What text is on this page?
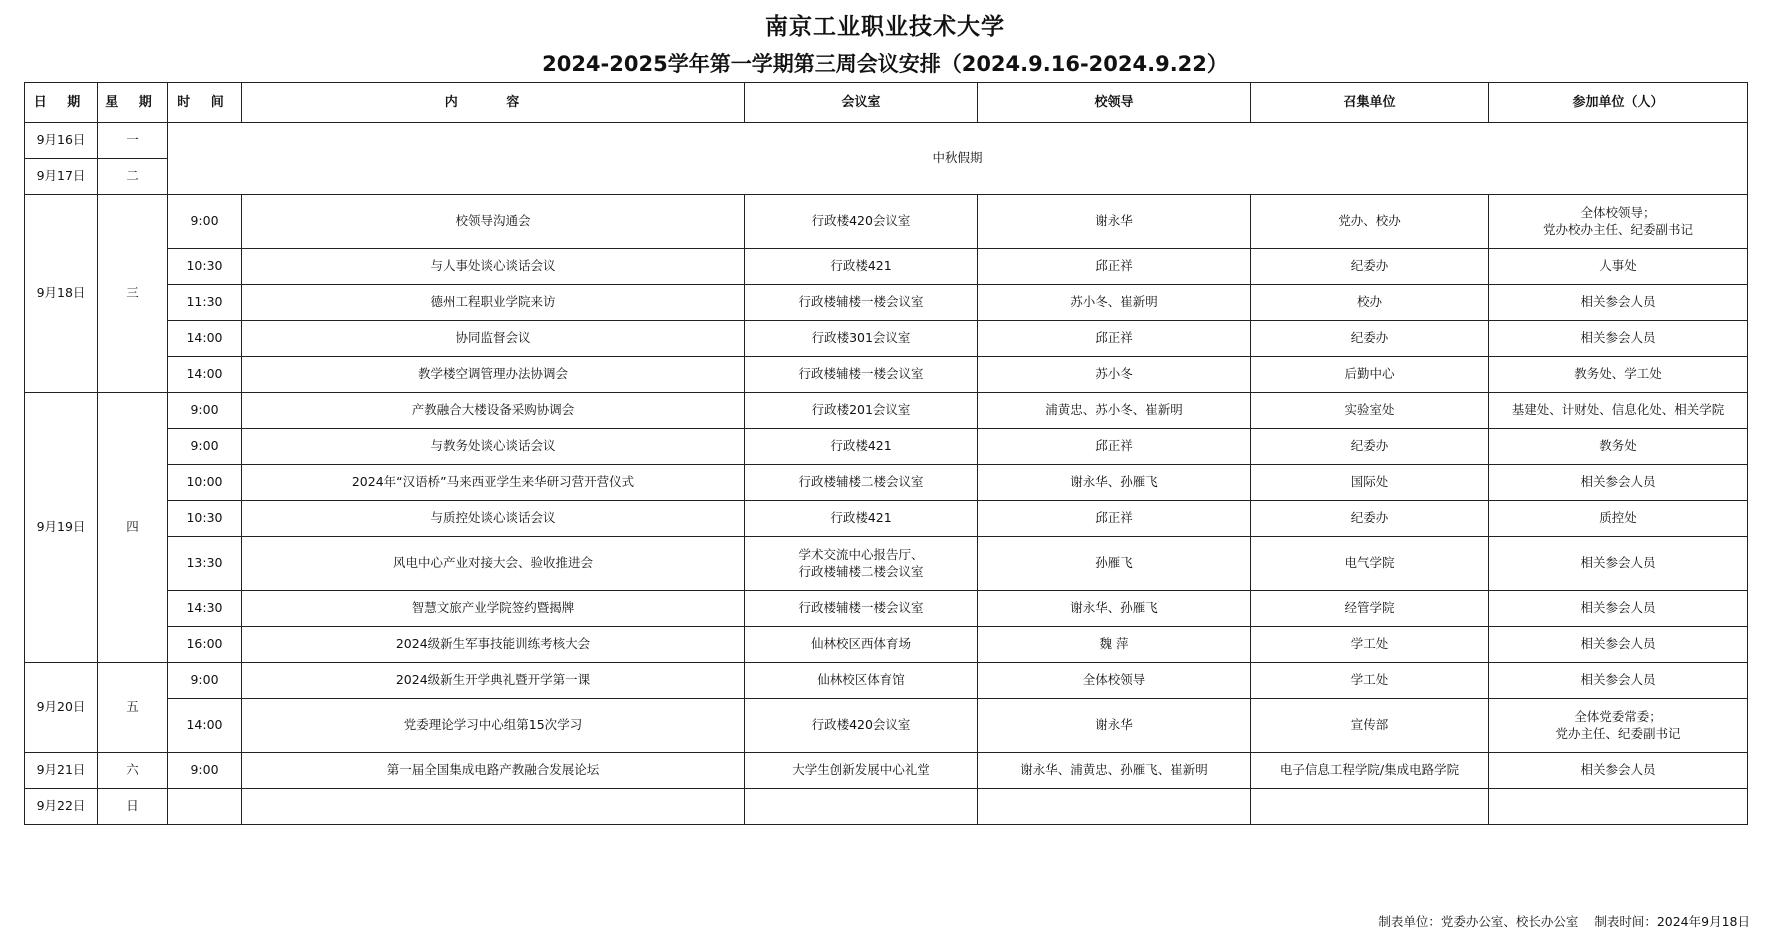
南京工业职业技术大学
2024-2025学年第一学期第三周会议安排（2024.9.16-2024.9.22）
日 期	星 期	时 间	内 容	会议室	校领导	召集单位	参加单位（人）
9月16日	一	中秋假期					
9月17日	二						
9月18日	三	9:00	校领导沟通会	行政楼420会议室	谢永华	党办、校办	全体校领导；
党办校办主任、纪委副书记
		10:30	与人事处谈心谈话会议	行政楼421	邱正祥	纪委办	人事处
		11:30	德州工程职业学院来访	行政楼辅楼一楼会议室	苏小冬、崔新明	校办	相关参会人员
		14:00	协同监督会议	行政楼301会议室	邱正祥	纪委办	相关参会人员
		14:00	教学楼空调管理办法协调会	行政楼辅楼一楼会议室	苏小冬	后勤中心	教务处、学工处
9月19日	四	9:00	产教融合大楼设备采购协调会	行政楼201会议室	浦黄忠、苏小冬、崔新明	实验室处	基建处、计财处、信息化处、相关学院
		9:00	与教务处谈心谈话会议	行政楼421	邱正祥	纪委办	教务处
		10:00	2024年“汉语桥”马来西亚学生来华研习营开营仪式	行政楼辅楼二楼会议室	谢永华、孙雁飞	国际处	相关参会人员
		10:30	与质控处谈心谈话会议	行政楼421	邱正祥	纪委办	质控处
		13:30	风电中心产业对接大会、验收推进会	学术交流中心报告厅、
行政楼辅楼二楼会议室	孙雁飞	电气学院	相关参会人员
		14:30	智慧文旅产业学院签约暨揭牌	行政楼辅楼一楼会议室	谢永华、孙雁飞	经管学院	相关参会人员
		16:00	2024级新生军事技能训练考核大会	仙林校区西体育场	魏 萍	学工处	相关参会人员
9月20日	五	9:00	2024级新生开学典礼暨开学第一课	仙林校区体育馆	全体校领导	学工处	相关参会人员
		14:00	党委理论学习中心组第15次学习	行政楼420会议室	谢永华	宣传部	全体党委常委；
党办主任、纪委副书记
9月21日	六	9:00	第一届全国集成电路产教融合发展论坛	大学生创新发展中心礼堂	谢永华、浦黄忠、孙雁飞、崔新明	电子信息工程学院/集成电路学院	相关参会人员
9月22日	日						
制表单位：党委办公室、校长办公室 制表时间：2024年9月18日
